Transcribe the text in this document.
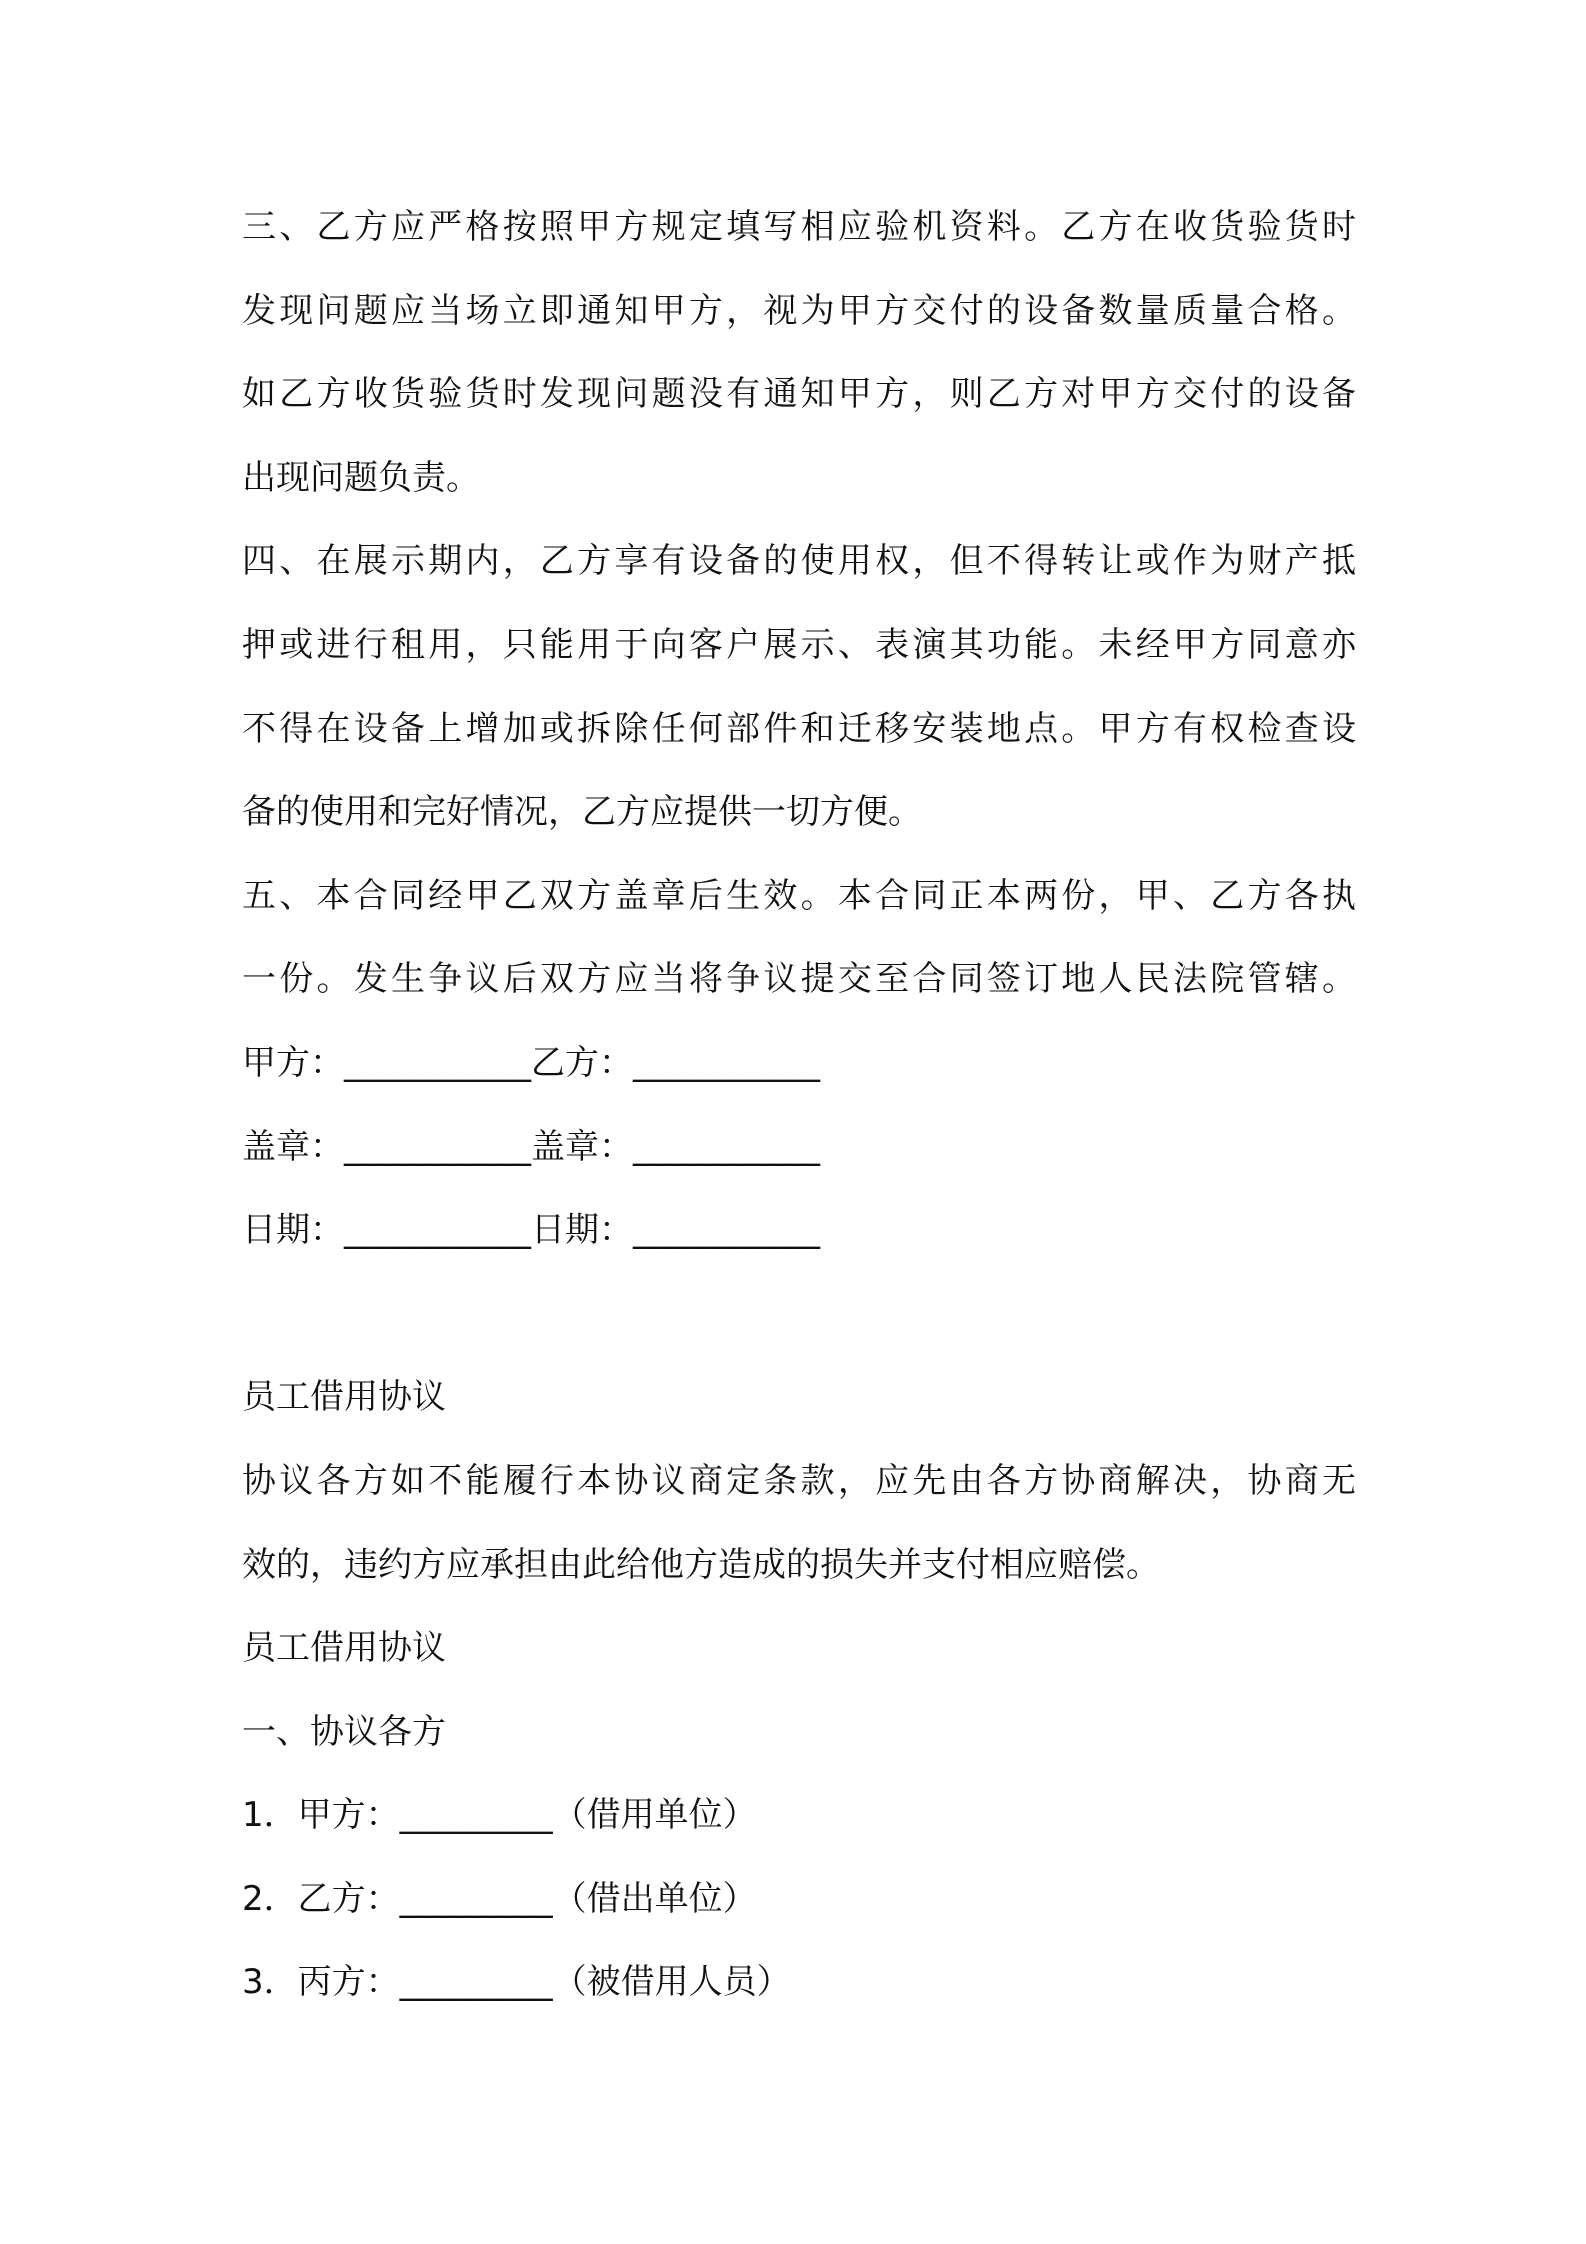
三、乙方应严格按照甲方规定填写相应验机资料。乙方在收货验货时
发现问题应当场立即通知甲方，视为甲方交付的设备数量质量合格。
如乙方收货验货时发现问题没有通知甲方，则乙方对甲方交付的设备
出现问题负责。
四、在展示期内，乙方享有设备的使用权，但不得转让或作为财产抵
押或进行租用，只能用于向客户展示、表演其功能。未经甲方同意亦
不得在设备上增加或拆除任何部件和迁移安装地点。甲方有权检查设
备的使用和完好情况，乙方应提供一切方便。
五、本合同经甲乙双方盖章后生效。本合同正本两份，甲、乙方各执
一份。发生争议后双方应当将争议提交至合同签订地人民法院管辖。
甲方：___________乙方：___________
盖章：___________盖章：___________
日期：___________日期：___________
员工借用协议
协议各方如不能履行本协议商定条款，应先由各方协商解决，协商无
效的，违约方应承担由此给他方造成的损失并支付相应赔偿。
员工借用协议
一、协议各方
1．甲方：_________（借用单位）
2．乙方：_________（借出单位）
3．丙方：_________（被借用人员）
